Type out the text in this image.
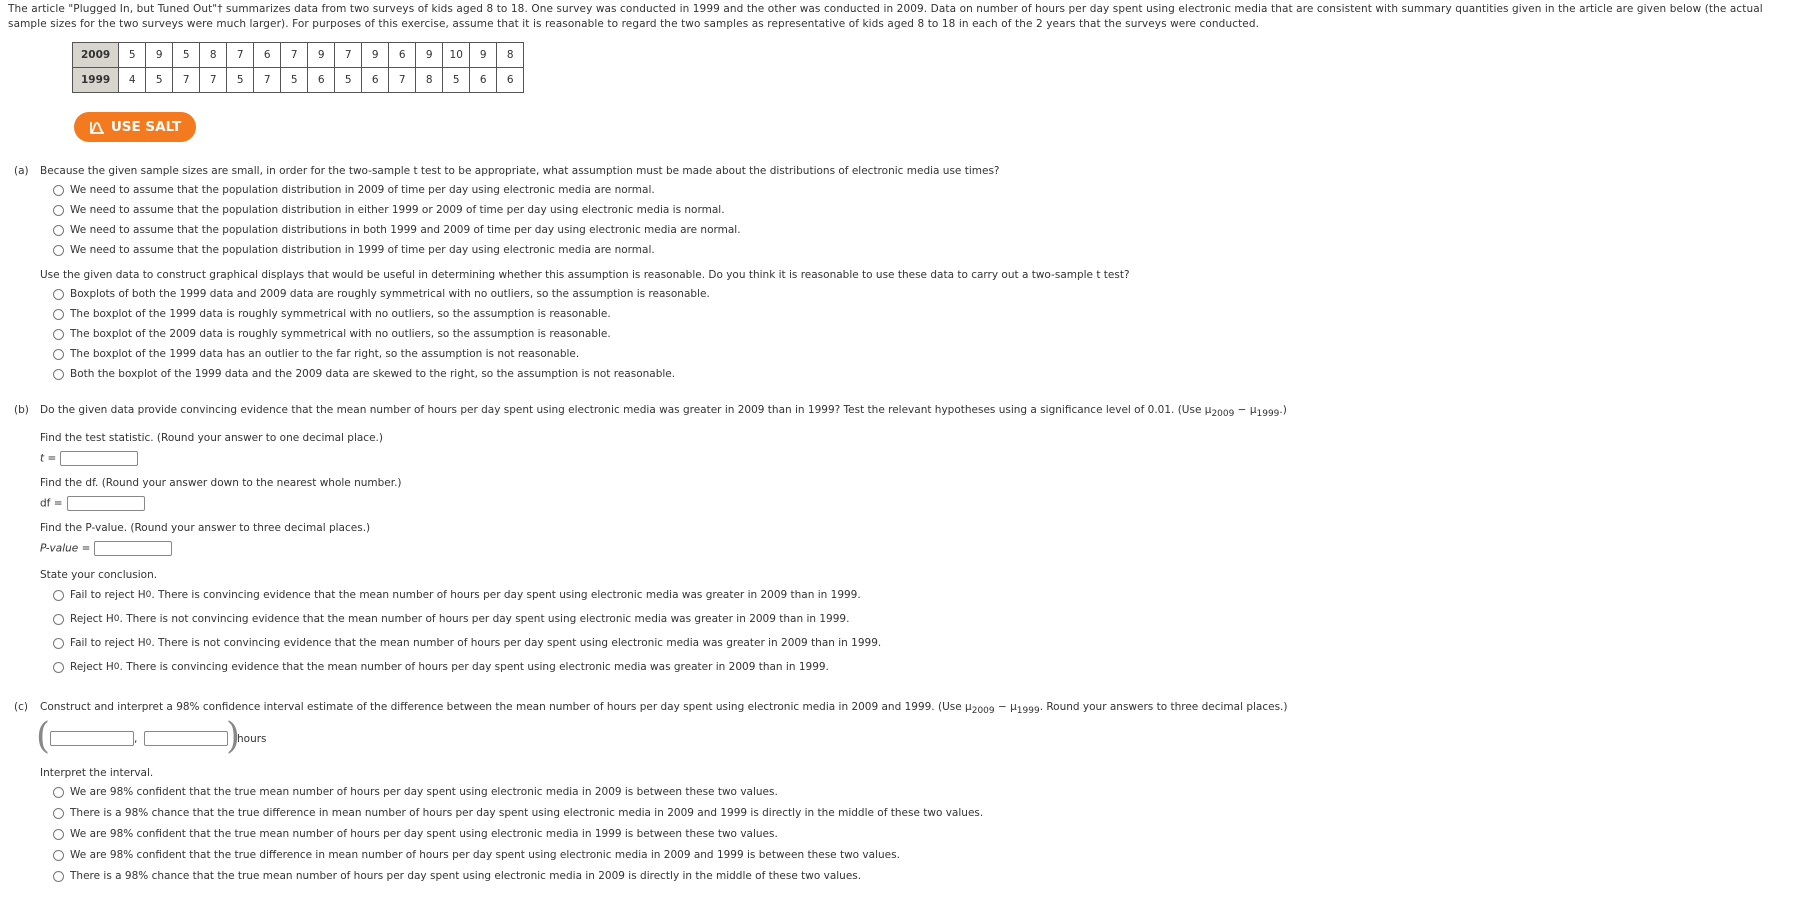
The article "Plugged In, but Tuned Out"† summarizes data from two surveys of kids aged 8 to 18. One survey was conducted in 1999 and the other was conducted in 2009. Data on number of hours per day spent using electronic media that are consistent with summary quantities given in the article are given below (the actual sample sizes for the two surveys were much larger). For purposes of this exercise, assume that it is reasonable to regard the two samples as representative of kids aged 8 to 18 in each of the 2 years that the surveys were conducted.
2009	5	9	5	8	7	6	7	9	7	9	6	9	10	9	8
1999	4	5	7	7	5	7	5	6	5	6	7	8	5	6	6
USE SALT
(a) Because the given sample sizes are small, in order for the two-sample t test to be appropriate, what assumption must be made about the distributions of electronic media use times?
We need to assume that the population distribution in 2009 of time per day using electronic media are normal.
We need to assume that the population distribution in either 1999 or 2009 of time per day using electronic media is normal.
We need to assume that the population distributions in both 1999 and 2009 of time per day using electronic media are normal.
We need to assume that the population distribution in 1999 of time per day using electronic media are normal.
Use the given data to construct graphical displays that would be useful in determining whether this assumption is reasonable. Do you think it is reasonable to use these data to carry out a two-sample t test?
Boxplots of both the 1999 data and 2009 data are roughly symmetrical with no outliers, so the assumption is reasonable.
The boxplot of the 1999 data is roughly symmetrical with no outliers, so the assumption is reasonable.
The boxplot of the 2009 data is roughly symmetrical with no outliers, so the assumption is reasonable.
The boxplot of the 1999 data has an outlier to the far right, so the assumption is not reasonable.
Both the boxplot of the 1999 data and the 2009 data are skewed to the right, so the assumption is not reasonable.
(b) Do the given data provide convincing evidence that the mean number of hours per day spent using electronic media was greater in 2009 than in 1999? Test the relevant hypotheses using a significance level of 0.01. (Use $\mu_{2009} - \mu_{1999}$.)
Find the test statistic. (Round your answer to one decimal place.)
t =
Find the df. (Round your answer down to the nearest whole number.)
df =
Find the P-value. (Round your answer to three decimal places.)
P-value =
State your conclusion.
Fail to reject H 0 . There is convincing evidence that the mean number of hours per day spent using electronic media was greater in 2009 than in 1999.
Reject H 0 . There is not convincing evidence that the mean number of hours per day spent using electronic media was greater in 2009 than in 1999.
Fail to reject H 0 . There is not convincing evidence that the mean number of hours per day spent using electronic media was greater in 2009 than in 1999.
Reject H 0 . There is convincing evidence that the mean number of hours per day spent using electronic media was greater in 2009 than in 1999.
(c) Construct and interpret a 98% confidence interval estimate of the difference between the mean number of hours per day spent using electronic media in 2009 and 1999. (Use $\mu_{2009} - \mu_{1999}$. Round your answers to three decimal places.)
(	, )
hours
Interpret the interval.
We are 98% confident that the true mean number of hours per day spent using electronic media in 2009 is between these two values.
There is a 98% chance that the true difference in mean number of hours per day spent using electronic media in 2009 and 1999 is directly in the middle of these two values.
We are 98% confident that the true mean number of hours per day spent using electronic media in 1999 is between these two values.
We are 98% confident that the true difference in mean number of hours per day spent using electronic media in 2009 and 1999 is between these two values.
There is a 98% chance that the true mean number of hours per day spent using electronic media in 2009 is directly in the middle of these two values.
